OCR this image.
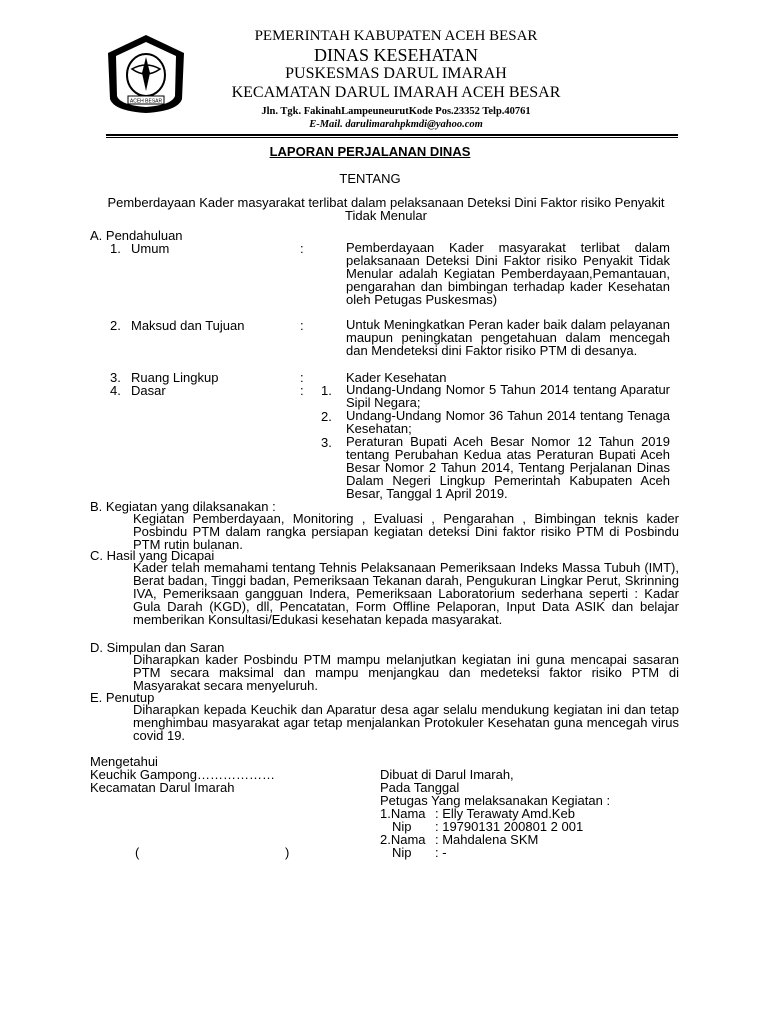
ACEH BESAR
PEMERINTAH KABUPATEN ACEH BESAR
DINAS KESEHATAN
PUSKESMAS DARUL IMARAH
KECAMATAN DARUL IMARAH ACEH BESAR
Jln. Tgk. FakinahLampeuneurutKode Pos.23352 Telp.40761
E-Mail. darulimarahpkmdi@yahoo.com
LAPORAN PERJALANAN DINAS
TENTANG
Pemberdayaan Kader masyarakat terlibat dalam pelaksanaan Deteksi Dini Faktor risiko Penyakit Tidak Menular
A. Pendahuluan
1. Umum	:	Pemberdayaan Kader masyarakat terlibat dalam pelaksanaan Deteksi Dini Faktor risiko Penyakit Tidak Menular adalah Kegiatan Pemberdayaan,Pemantauan, pengarahan dan bimbingan terhadap kader Kesehatan oleh Petugas Puskesmas)
2. Maksud dan Tujuan	:	Untuk Meningkatkan Peran kader baik dalam pelayanan maupun peningkatan pengetahuan dalam mencegah dan Mendeteksi dini Faktor risiko PTM di desanya.
3. Ruang Lingkup	:	Kader Kesehatan
4. Dasar	: 1. Undang-Undang Nomor 5 Tahun 2014 tentang Aparatur Sipil Negara;
2. Undang-Undang Nomor 36 Tahun 2014 tentang Tenaga Kesehatan;
3. Peraturan Bupati Aceh Besar Nomor 12 Tahun 2019 tentang Perubahan Kedua atas Peraturan Bupati Aceh Besar Nomor 2 Tahun 2014, Tentang Perjalanan Dinas Dalam Negeri Lingkup Pemerintah Kabupaten Aceh Besar, Tanggal 1 April 2019.
B. Kegiatan yang dilaksanakan :
Kegiatan Pemberdayaan, Monitoring , Evaluasi , Pengarahan , Bimbingan teknis kader Posbindu PTM dalam rangka persiapan kegiatan deteksi Dini faktor risiko PTM di Posbindu PTM rutin bulanan.
C. Hasil yang Dicapai
Kader telah memahami tentang Tehnis Pelaksanaan Pemeriksaan Indeks Massa Tubuh (IMT), Berat badan, Tinggi badan, Pemeriksaan Tekanan darah, Pengukuran Lingkar Perut, Skrinning IVA, Pemeriksaan gangguan Indera, Pemeriksaan Laboratorium sederhana seperti : Kadar Gula Darah (KGD), dll, Pencatatan, Form Offline Pelaporan, Input Data ASIK dan belajar memberikan Konsultasi/Edukasi kesehatan kepada masyarakat.
D. Simpulan dan Saran
Diharapkan kader Posbindu PTM mampu melanjutkan kegiatan ini guna mencapai sasaran PTM secara maksimal dan mampu menjangkau dan medeteksi faktor risiko PTM di Masyarakat secara menyeluruh.
E. Penutup
Diharapkan kepada Keuchik dan Aparatur desa agar selalu mendukung kegiatan ini dan tetap menghimbau masyarakat agar tetap menjalankan Protokuler Kesehatan guna mencegah virus covid 19.
Mengetahui
Keuchik Gampong………………
Kecamatan Darul Imarah
(	)
Dibuat di Darul Imarah,
Pada Tanggal
Petugas Yang melaksanakan Kegiatan :
1.Nama : Elly Terawaty Amd.Keb
Nip : 19790131 200801 2 001
2.Nama : Mahdalena SKM
Nip : -
